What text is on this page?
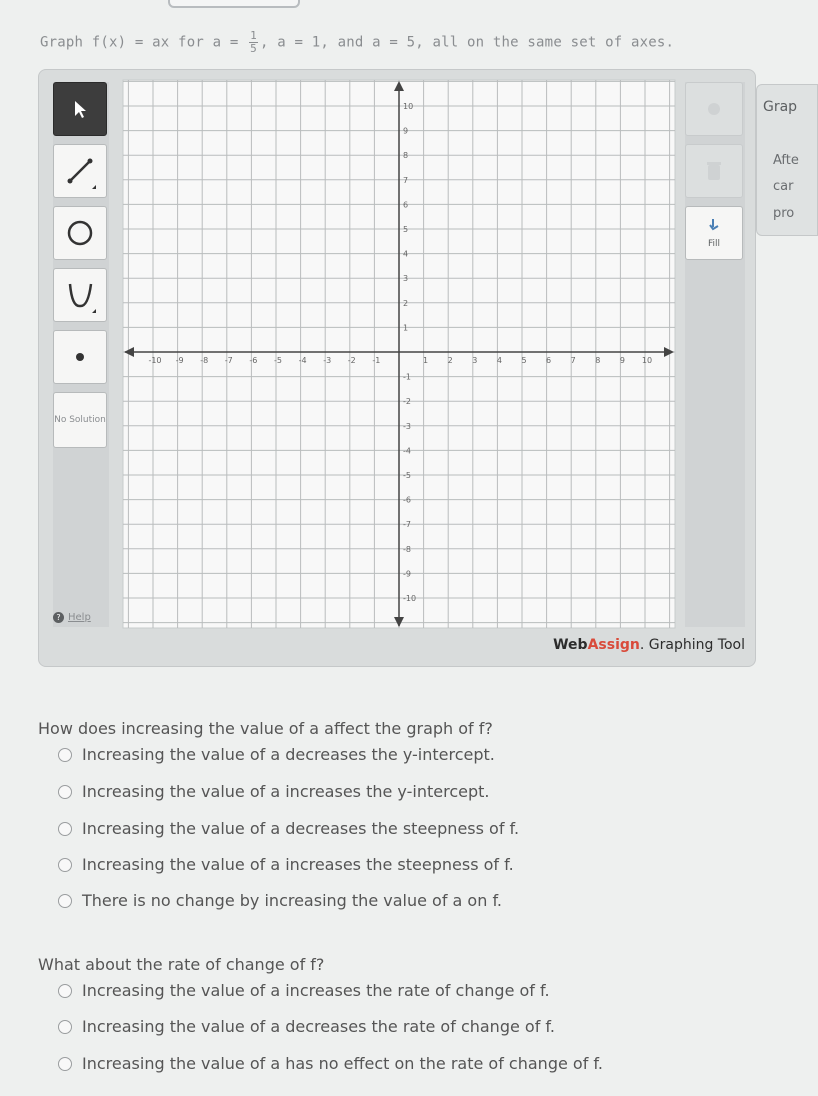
Graph f(x) = ax for $a = \frac{1}{5}$ , a = 1, and a = 5, all on the same set of axes.
No Solution
? Help
-10 -9 -8 -7 -6 -5 -4 -3 -2 -1	1 2 3 4 5 6 7 8 9 10
10
9
8
7
6
5
4
3
2
1
-1
-2
-3
-4
-5
-6
-7
-8
-9
-10
Fill
WebAssign. Graphing Tool
Grap
Afte
car
pro
How does increasing the value of a affect the graph of f?
Increasing the value of a decreases the y-intercept.
Increasing the value of a increases the y-intercept.
Increasing the value of a decreases the steepness of f.
Increasing the value of a increases the steepness of f.
There is no change by increasing the value of a on f.
What about the rate of change of f?
Increasing the value of a increases the rate of change of f.
Increasing the value of a decreases the rate of change of f.
Increasing the value of a has no effect on the rate of change of f.
